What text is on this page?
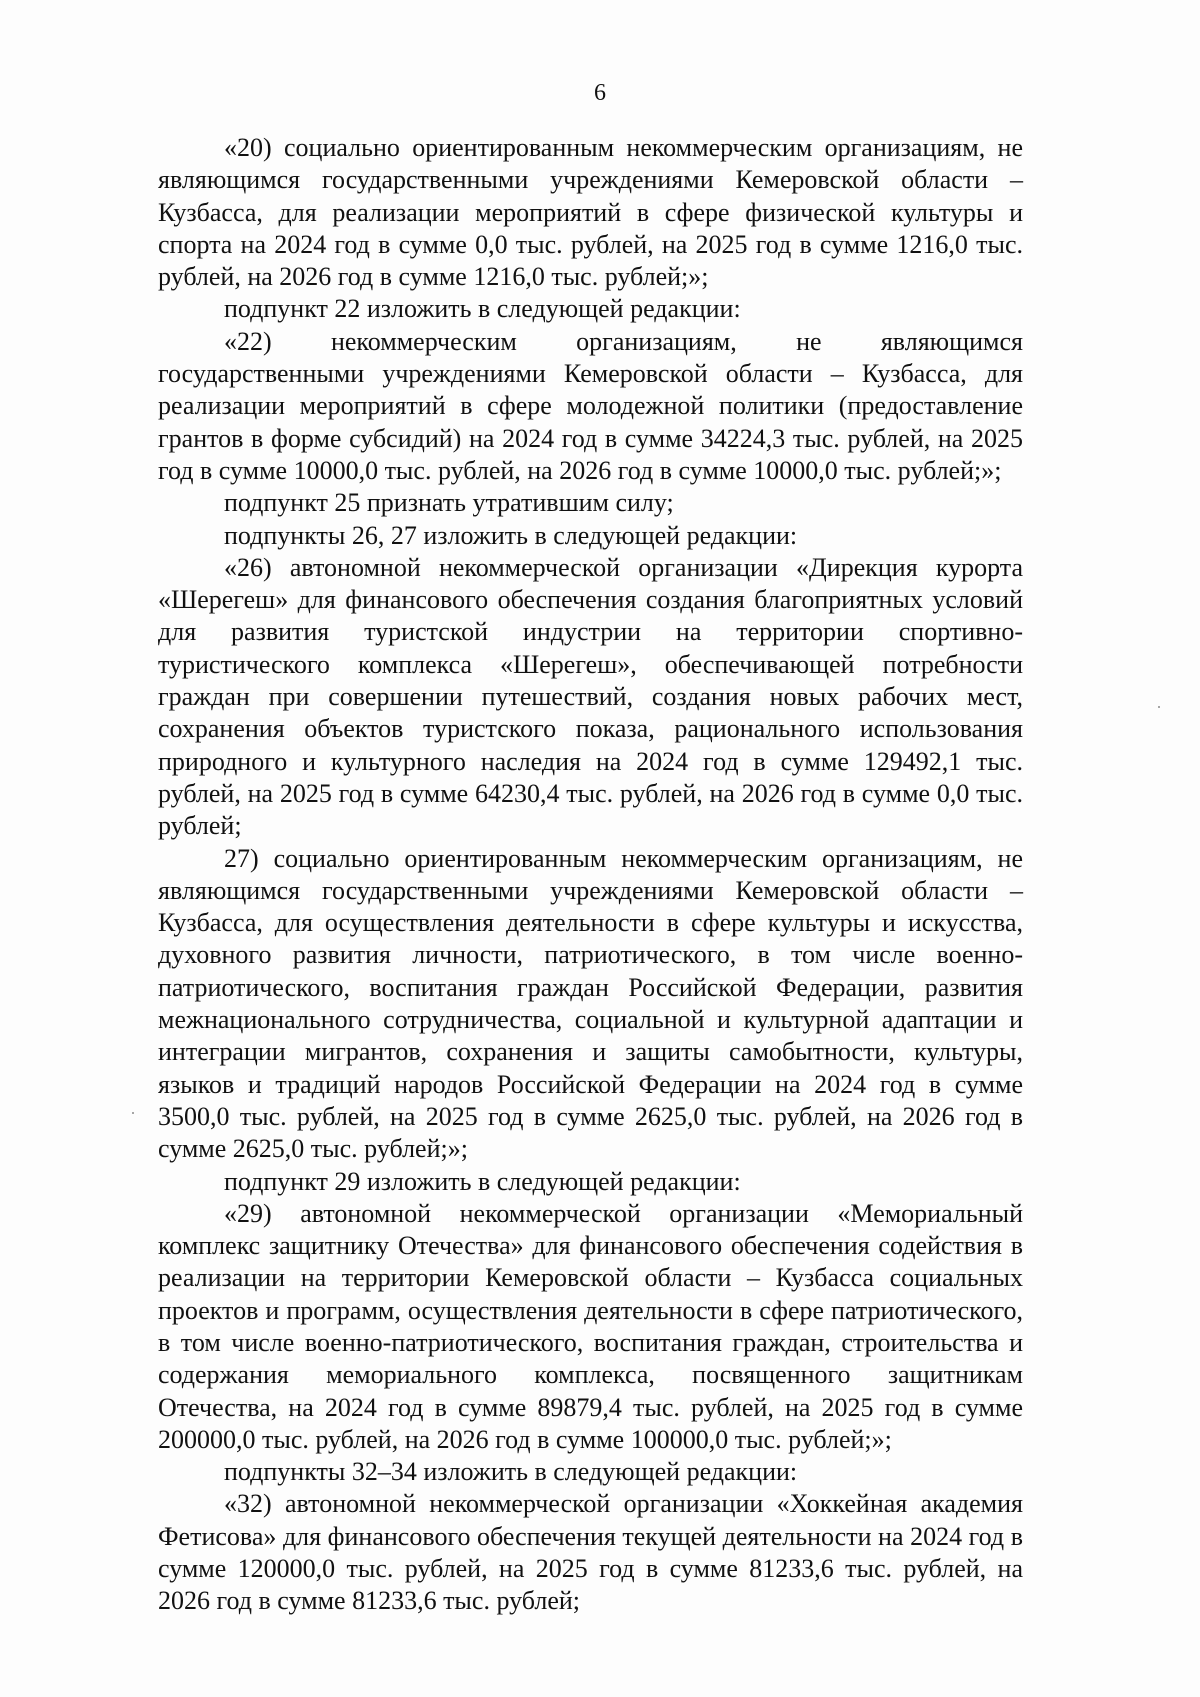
6

«20) социально ориентированным некоммерческим организациям, не являющимся государственными учреждениями Кемеровской области – Кузбасса, для реализации мероприятий в сфере физической культуры и спорта на 2024 год в сумме 0,0 тыс. рублей, на 2025 год в сумме 1216,0 тыс. рублей, на 2026 год в сумме 1216,0 тыс. рублей;»;

подпункт 22 изложить в следующей редакции:

«22) некоммерческим организациям, не являющимся государственными учреждениями Кемеровской области – Кузбасса, для реализации мероприятий в сфере молодежной политики (предоставление грантов в форме субсидий) на 2024 год в сумме 34224,3 тыс. рублей, на 2025 год в сумме 10000,0 тыс. рублей, на 2026 год в сумме 10000,0 тыс. рублей;»;

подпункт 25 признать утратившим силу;

подпункты 26, 27 изложить в следующей редакции:

«26) автономной некоммерческой организации «Дирекция курорта «Шерегеш» для финансового обеспечения создания благоприятных условий для развития туристской индустрии на территории спортивно-туристического комплекса «Шерегеш», обеспечивающей потребности граждан при совершении путешествий, создания новых рабочих мест, сохранения объектов туристского показа, рационального использования природного и культурного наследия на 2024 год в сумме 129492,1 тыс. рублей, на 2025 год в сумме 64230,4 тыс. рублей, на 2026 год в сумме 0,0 тыс. рублей;

27) социально ориентированным некоммерческим организациям, не являющимся государственными учреждениями Кемеровской области – Кузбасса, для осуществления деятельности в сфере культуры и искусства, духовного развития личности, патриотического, в том числе военно-патриотического, воспитания граждан Российской Федерации, развития межнационального сотрудничества, социальной и культурной адаптации и интеграции мигрантов, сохранения и защиты самобытности, культуры, языков и традиций народов Российской Федерации на 2024 год в сумме 3500,0 тыс. рублей, на 2025 год в сумме 2625,0 тыс. рублей, на 2026 год в сумме 2625,0 тыс. рублей;»;

подпункт 29 изложить в следующей редакции:

«29) автономной некоммерческой организации «Мемориальный комплекс защитнику Отечества» для финансового обеспечения содействия в реализации на территории Кемеровской области – Кузбасса социальных проектов и программ, осуществления деятельности в сфере патриотического, в том числе военно-патриотического, воспитания граждан, строительства и содержания мемориального комплекса, посвященного защитникам Отечества, на 2024 год в сумме 89879,4 тыс. рублей, на 2025 год в сумме 200000,0 тыс. рублей, на 2026 год в сумме 100000,0 тыс. рублей;»;

подпункты 32–34 изложить в следующей редакции:

«32) автономной некоммерческой организации «Хоккейная академия Фетисова» для финансового обеспечения текущей деятельности на 2024 год в сумме 120000,0 тыс. рублей, на 2025 год в сумме 81233,6 тыс. рублей, на 2026 год в сумме 81233,6 тыс. рублей;
